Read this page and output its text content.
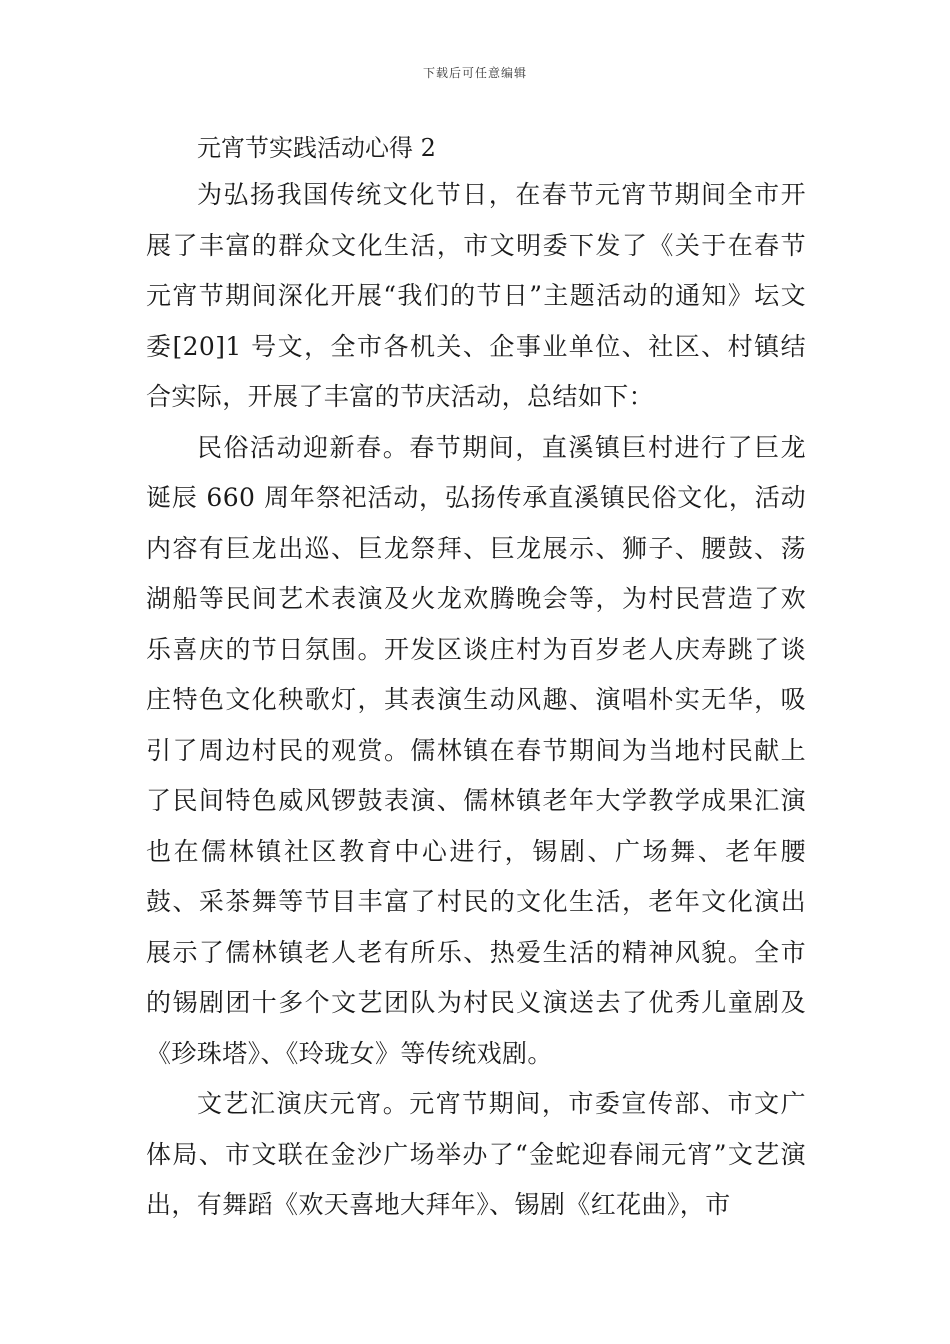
下载后可任意编辑
元宵节实践活动心得 2

为弘扬我国传统文化节日，在春节元宵节期间全市开展了丰富的群众文化生活，市文明委下发了《关于在春节元宵节期间深化开展“我们的节日”主题活动的通知》坛文委[20]1 号文，全市各机关、企事业单位、社区、村镇结合实际，开展了丰富的节庆活动，总结如下：

民俗活动迎新春。春节期间，直溪镇巨村进行了巨龙诞辰 660 周年祭祀活动，弘扬传承直溪镇民俗文化，活动内容有巨龙出巡、巨龙祭拜、巨龙展示、狮子、腰鼓、荡湖船等民间艺术表演及火龙欢腾晚会等，为村民营造了欢乐喜庆的节日氛围。开发区谈庄村为百岁老人庆寿跳了谈庄特色文化秧歌灯，其表演生动风趣、演唱朴实无华，吸引了周边村民的观赏。儒林镇在春节期间为当地村民献上了民间特色威风锣鼓表演、儒林镇老年大学教学成果汇演也在儒林镇社区教育中心进行，锡剧、广场舞、老年腰鼓、采茶舞等节目丰富了村民的文化生活，老年文化演出展示了儒林镇老人老有所乐、热爱生活的精神风貌。全市的锡剧团十多个文艺团队为村民义演送去了优秀儿童剧及《珍珠塔》、《玲珑女》等传统戏剧。

文艺汇演庆元宵。元宵节期间，市委宣传部、市文广体局、市文联在金沙广场举办了“金蛇迎春闹元宵”文艺演出，有舞蹈《欢天喜地大拜年》、锡剧《红花曲》，市
